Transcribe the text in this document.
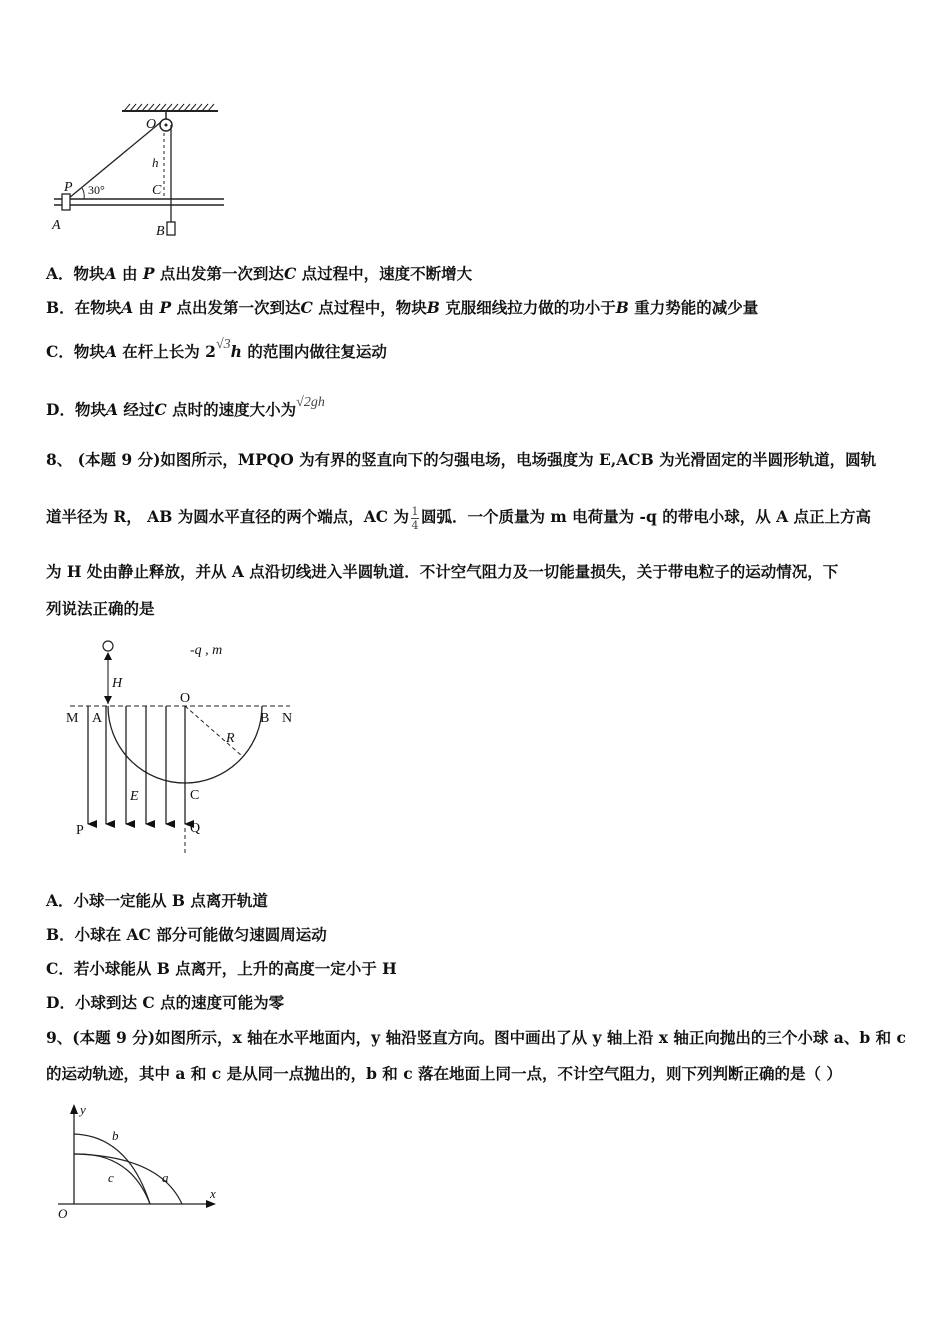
O
h
P 30°	C
A	B
A．物块A 由 P 点出发第一次到达C 点过程中，速度不断增大
B．在物块A 由 P 点出发第一次到达C 点过程中，物块B 克服细线拉力做的功小于B 重力势能的减少量
C．物块A 在杆上长为 2√3h 的范围内做往复运动
D．物块A 经过C 点时的速度大小为√2gh
8、 (本题 9 分)如图所示，MPQO 为有界的竖直向下的匀强电场，电场强度为 E,ACB 为光滑固定的半圆形轨道，圆轨
道半径为 R， AB 为圆水平直径的两个端点，AC 为 $\frac{1}{4}$ 圆弧．一个质量为 m 电荷量为 -q 的带电小球，从 A 点正上方高
为 H 处由静止释放，并从 A 点沿切线进入半圆轨道．不计空气阻力及一切能量损失，关于带电粒子的运动情况，下
列说法正确的是
-q , m
H
O
M A	B N
R
E	C
P	Q
A．小球一定能从 B 点离开轨道
B．小球在 AC 部分可能做匀速圆周运动
C．若小球能从 B 点离开，上升的高度一定小于 H
D．小球到达 C 点的速度可能为零
9、(本题 9 分)如图所示，x 轴在水平地面内，y 轴沿竖直方向。图中画出了从 y 轴上沿 x 轴正向抛出的三个小球 a、b 和 c
的运动轨迹，其中 a 和 c 是从同一点抛出的，b 和 c 落在地面上同一点，不计空气阻力，则下列判断正确的是（ ）
y
b
c	a
x
O
